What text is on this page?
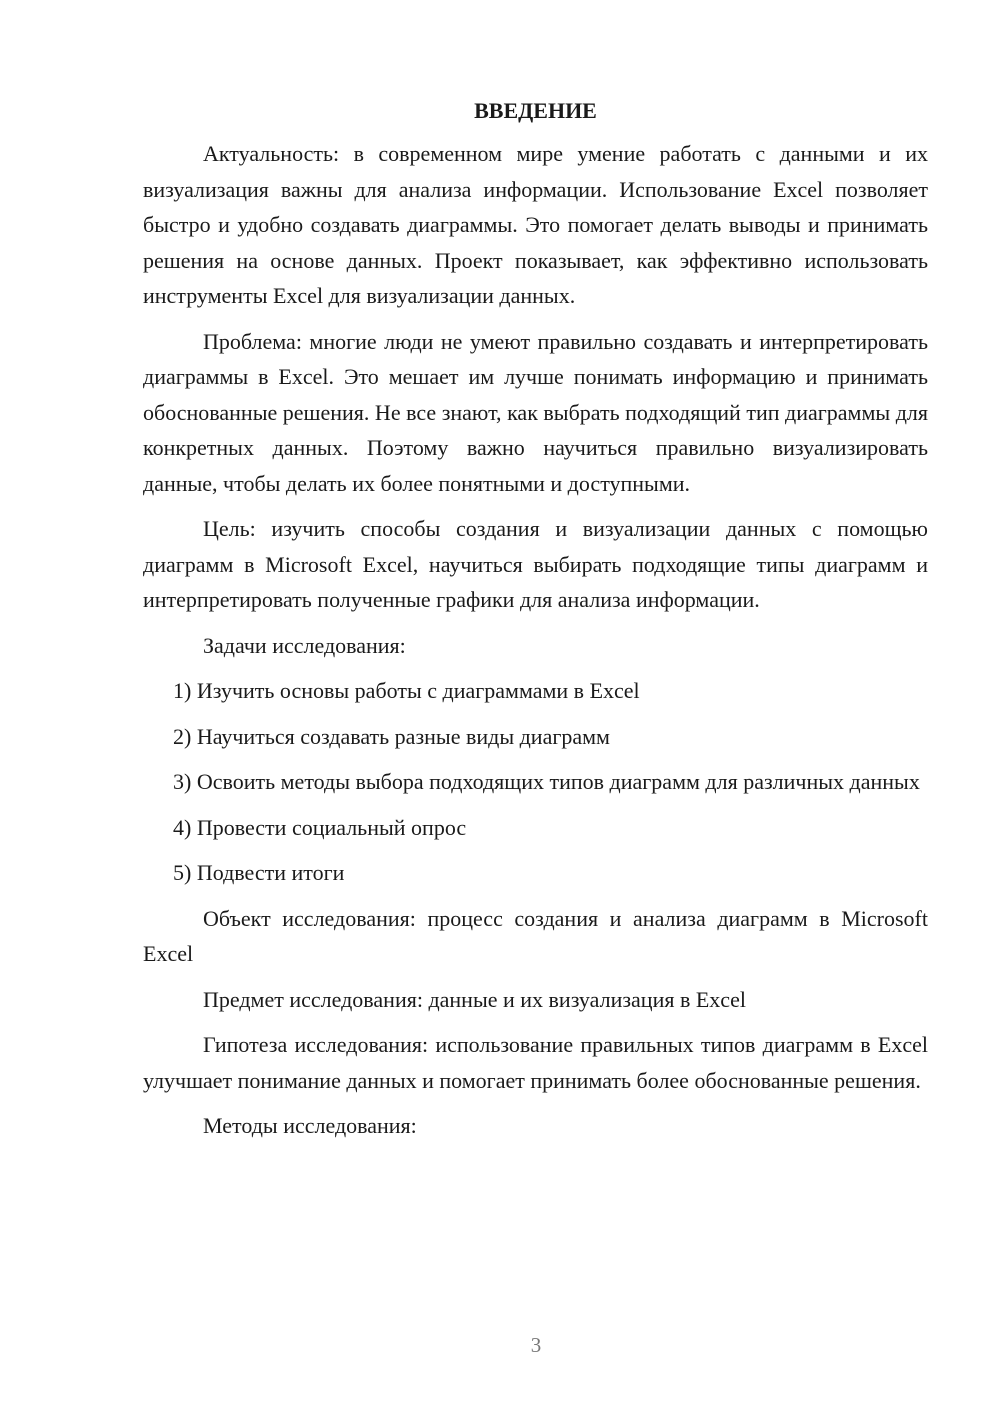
ВВЕДЕНИЕ

Актуальность: в современном мире умение работать с данными и их визуализация важны для анализа информации. Использование Excel позволяет быстро и удобно создавать диаграммы. Это помогает делать выводы и принимать решения на основе данных. Проект показывает, как эффективно использовать инструменты Excel для визуализации данных.

Проблема: многие люди не умеют правильно создавать и интерпретировать диаграммы в Excel. Это мешает им лучше понимать информацию и принимать обоснованные решения. Не все знают, как выбрать подходящий тип диаграммы для конкретных данных. Поэтому важно научиться правильно визуализировать данные, чтобы делать их более понятными и доступными.

Цель: изучить способы создания и визуализации данных с помощью диаграмм в Microsoft Excel, научиться выбирать подходящие типы диаграмм и интерпретировать полученные графики для анализа информации.

Задачи исследования:

1) Изучить основы работы с диаграммами в Excel

2) Научиться создавать разные виды диаграмм

3) Освоить методы выбора подходящих типов диаграмм для различных данных

4) Провести социальный опрос

5) Подвести итоги

Объект исследования: процесс создания и анализа диаграмм в Microsoft Excel

Предмет исследования: данные и их визуализация в Excel

Гипотеза исследования: использование правильных типов диаграмм в Excel улучшает понимание данных и помогает принимать более обоснованные решения.

Методы исследования:

3
